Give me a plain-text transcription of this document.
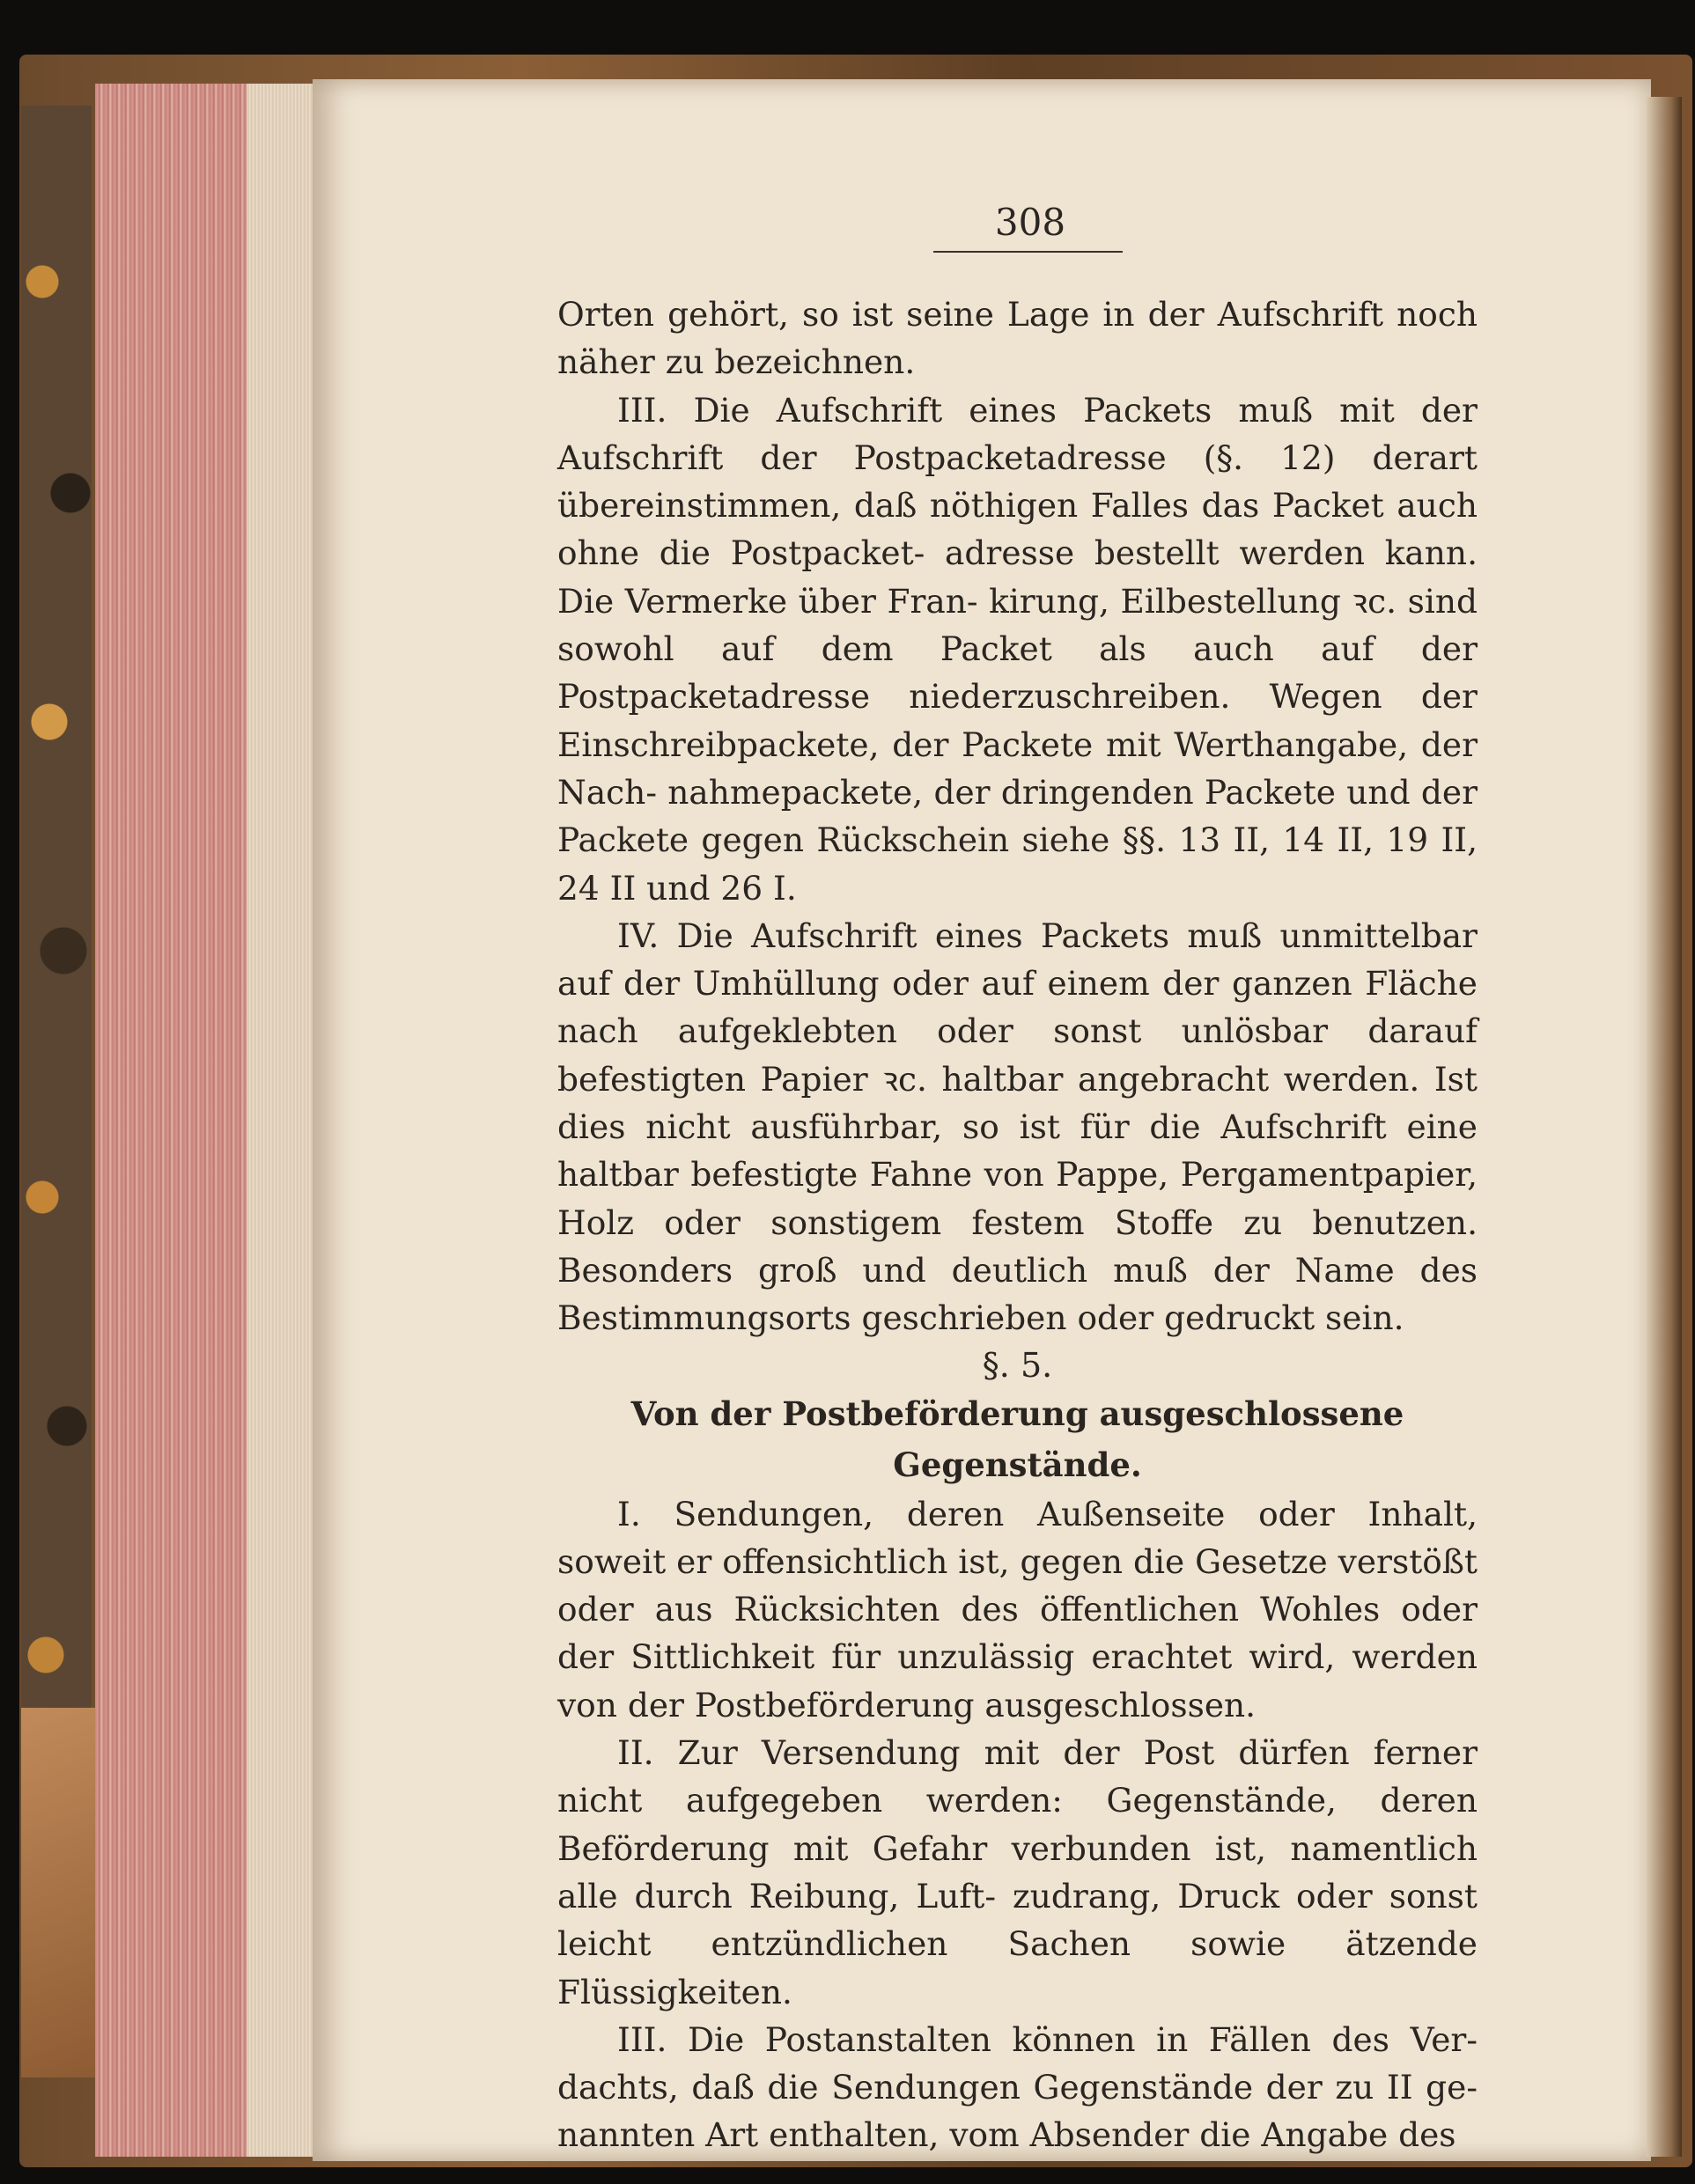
308

Orten gehört, so ist seine Lage in der Aufschrift noch näher zu bezeichnen.

III. Die Aufschrift eines Packets muß mit der Aufschrift der Postpacketadresse (§. 12) derart übereinstimmen, daß nöthigen Falles das Packet auch ohne die Postpacket- adresse bestellt werden kann. Die Vermerke über Fran- kirung, Eilbestellung ꝛc. sind sowohl auf dem Packet als auch auf der Postpacketadresse niederzuschreiben. Wegen der Einschreibpackete, der Packete mit Werthangabe, der Nach- nahmepackete, der dringenden Packete und der Packete gegen Rückschein siehe §§. 13 II, 14 II, 19 II, 24 II und 26 I.

IV. Die Aufschrift eines Packets muß unmittelbar auf der Umhüllung oder auf einem der ganzen Fläche nach aufgeklebten oder sonst unlösbar darauf befestigten Papier ꝛc. haltbar angebracht werden. Ist dies nicht ausführbar, so ist für die Aufschrift eine haltbar befestigte Fahne von Pappe, Pergamentpapier, Holz oder sonstigem festem Stoffe zu benutzen. Besonders groß und deutlich muß der Name des Bestimmungsorts geschrieben oder gedruckt sein.

§. 5.

Von der Postbeförderung ausgeschlossene Gegenstände.

I. Sendungen, deren Außenseite oder Inhalt, soweit er offensichtlich ist, gegen die Gesetze verstößt oder aus Rücksichten des öffentlichen Wohles oder der Sittlichkeit für unzulässig erachtet wird, werden von der Postbeförderung ausgeschlossen.

II. Zur Versendung mit der Post dürfen ferner nicht aufgegeben werden: Gegenstände, deren Beförderung mit Gefahr verbunden ist, namentlich alle durch Reibung, Luft- zudrang, Druck oder sonst leicht entzündlichen Sachen sowie ätzende Flüssigkeiten.

III. Die Postanstalten können in Fällen des Ver- dachts, daß die Sendungen Gegenstände der zu II ge- nannten Art enthalten, vom Absender die Angabe des
